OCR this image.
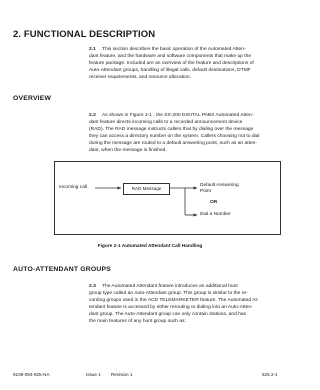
2. FUNCTIONAL DESCRIPTION
2.1 This section describes the basic operation of the Automated Atten-
dant feature, and the hardware and software components that make up the
feature package. Included are an overview of the feature and descriptions of
Auto-Attendant groups, handling of illegal calls, default destinations, DTMF
receiver requirements, and resource allocation.
OVERVIEW
2.2 As shown in Figure 2-1 , the SX-200 DIGITAL PABX Automated Atten-
dant feature directs incoming calls to a recorded announcement device
(RAD). The RAD message instructs callers that by dialing over the message
they can access a directory number on the system. Callers choosing not to dial
during the message are routed to a default answering point, such as an atten-
dant, when the message is finished.
Incoming call	RAD Message
Default Answering
Point
OR
Dial a Number
Figure 2-1 Automated Attendant Call Handling
AUTO-ATTENDANT GROUPS
2.3 The Automated Attendant feature introduces an additional hunt
group type called an Auto-Attendant group. This group is similar to the re-
cording groups used in the ACD TELEMARKETER feature. The Automated At-
tendant feature is accessed by either rerouting or dialing into an Auto-Atten-
dant group. The Auto-Attendant group can only contain stations, and has
the main features of any hunt group such as:
9109-094-625-NA	Issue 1 Revision 1	625 2-1
